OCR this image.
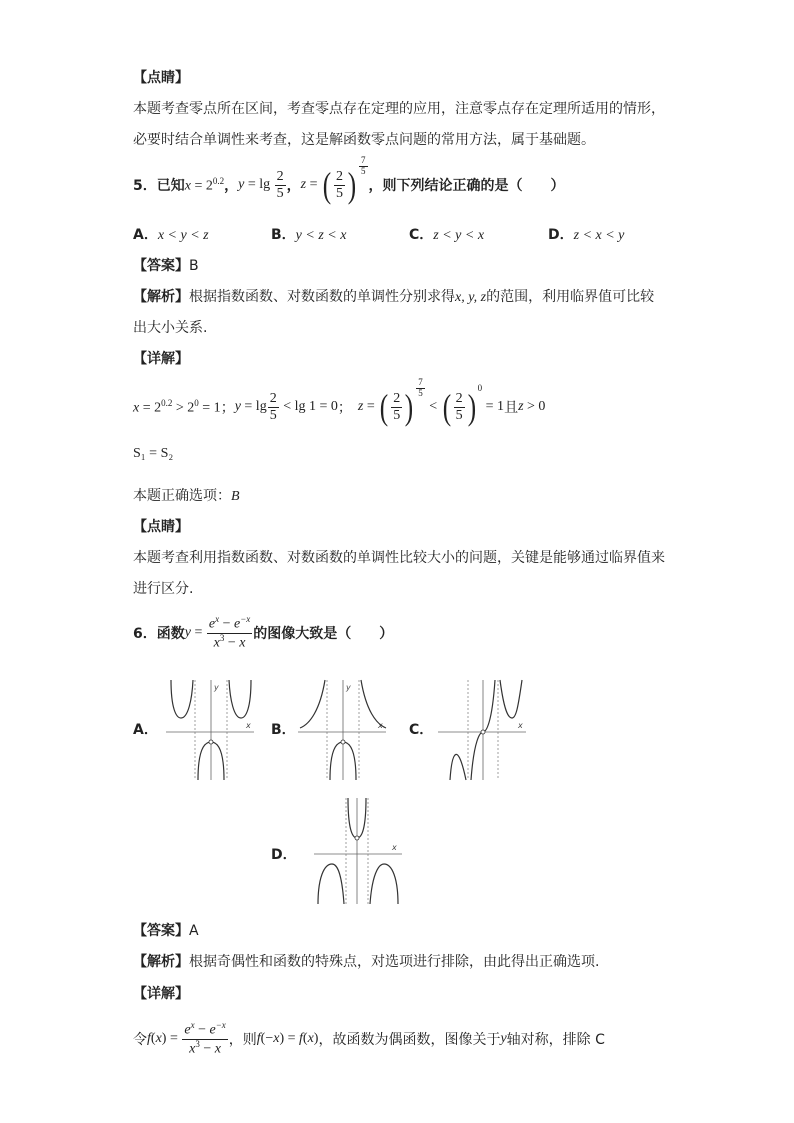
【点睛】
本题考查零点所在区间，考查零点存在定理的应用，注意零点存在定理所适用的情形，
必要时结合单调性来考查，这是解函数零点问题的常用方法，属于基础题。
5．已知 $x = 2^{0.2}$ ， $y = \lg \frac{2}{5}$ ， z = ( $\frac{2}{5}$ ) $^{\frac{7}{5}}$
，则下列结论正确的是（　　）
A．x < y < z	B．y < z < x	C．z < y < x	D．z < x < y
【答案】B
【解析】根据指数函数、对数函数的单调性分别求得x, y, z的范围，利用临界值可比较
出大小关系.
【详解】
$x = 2^{0.2} > 2^0 = 1$ ； $y = \lg \frac{2}{5} < \lg 1 = 0$ ； z = ( $\frac{2}{5}$ ) $^{\frac{7}{5}}$
< ( $\frac{2}{5}$ ) $^0$ = 1 且 z > 0
S₁ = S₂
本题正确选项：B
【点睛】
本题考查利用指数函数、对数函数的单调性比较大小的问题，关键是能够通过临界值来
进行区分.
6．函数 $y = \frac{e^x - e^{-x}}{x^3 - x}$ 的图像大致是（　　）
A．
y
x B．
y
x C．	x
D．	x
【答案】A
【解析】根据奇偶性和函数的特殊点，对选项进行排除，由此得出正确选项.
【详解】
令 $f(x) = \frac{e^x - e^{-x}}{x^3 - x}$ ，则 f(−x) = f(x) ，故函数为偶函数，图像关于 y 轴对称，排除 C
